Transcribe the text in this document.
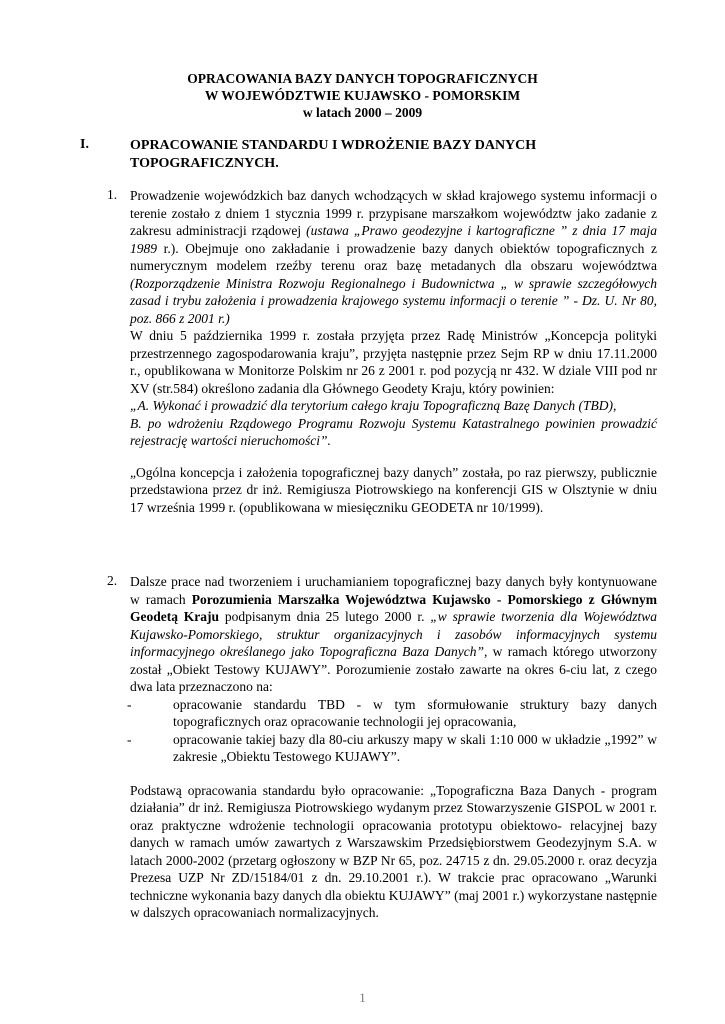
OPRACOWANIA BAZY DANYCH TOPOGRAFICZNYCH
W WOJEWÓDZTWIE KUJAWSKO - POMORSKIM
w latach 2000 – 2009
I.	OPRACOWANIE STANDARDU I WDROŻENIE BAZY DANYCH TOPOGRAFICZNYCH.
1. Prowadzenie wojewódzkich baz danych wchodzących w skład krajowego systemu informacji o terenie zostało z dniem 1 stycznia 1999 r. przypisane marszałkom województw jako zadanie z zakresu administracji rządowej (ustawa „Prawo geodezyjne i kartograficzne ” z dnia 17 maja 1989 r.). Obejmuje ono zakładanie i prowadzenie bazy danych obiektów topograficznych z numerycznym modelem rzeźby terenu oraz bazę metadanych dla obszaru województwa (Rozporządzenie Ministra Rozwoju Regionalnego i Budownictwa „ w sprawie szczegółowych zasad i trybu założenia i prowadzenia krajowego systemu informacji o terenie ” - Dz. U. Nr 80, poz. 866 z 2001 r.)

W dniu 5 października 1999 r. została przyjęta przez Radę Ministrów „Koncepcja polityki przestrzennego zagospodarowania kraju”, przyjęta następnie przez Sejm RP w dniu 17.11.2000 r., opublikowana w Monitorze Polskim nr 26 z 2001 r. pod pozycją nr 432. W dziale VIII pod nr XV (str.584) określono zadania dla Głównego Geodety Kraju, który powinien:

„A. Wykonać i prowadzić dla terytorium całego kraju Topograficzną Bazę Danych (TBD),

B. po wdrożeniu Rządowego Programu Rozwoju Systemu Katastralnego powinien prowadzić rejestrację wartości nieruchomości”.

„Ogólna koncepcja i założenia topograficznej bazy danych” została, po raz pierwszy, publicznie przedstawiona przez dr inż. Remigiusza Piotrowskiego na konferencji GIS w Olsztynie w dniu 17 września 1999 r. (opublikowana w miesięczniku GEODETA nr 10/1999).

2. Dalsze prace nad tworzeniem i uruchamianiem topograficznej bazy danych były kontynuowane w ramach Porozumienia Marszałka Województwa Kujawsko - Pomorskiego z Głównym Geodetą Kraju podpisanym dnia 25 lutego 2000 r. „w sprawie tworzenia dla Województwa Kujawsko-Pomorskiego, struktur organizacyjnych i zasobów informacyjnych systemu informacyjnego określanego jako Topograficzna Baza Danych”, w ramach którego utworzony został „Obiekt Testowy KUJAWY”. Porozumienie zostało zawarte na okres 6-ciu lat, z czego dwa lata przeznaczono na:

-	opracowanie standardu TBD - w tym sformułowanie struktury bazy danych topograficznych oraz opracowanie technologii jej opracowania,
-	opracowanie takiej bazy dla 80-ciu arkuszy mapy w skali 1:10 000 w układzie „1992” w zakresie „Obiektu Testowego KUJAWY”.

Podstawą opracowania standardu było opracowanie: „Topograficzna Baza Danych - program działania” dr inż. Remigiusza Piotrowskiego wydanym przez Stowarzyszenie GISPOL w 2001 r. oraz praktyczne wdrożenie technologii opracowania prototypu obiektowo- relacyjnej bazy danych w ramach umów zawartych z Warszawskim Przedsiębiorstwem Geodezyjnym S.A. w latach 2000-2002 (przetarg ogłoszony w BZP Nr 65, poz. 24715 z dn. 29.05.2000 r. oraz decyzja Prezesa UZP Nr ZD/15184/01 z dn. 29.10.2001 r.). W trakcie prac opracowano „Warunki techniczne wykonania bazy danych dla obiektu KUJAWY” (maj 2001 r.) wykorzystane następnie w dalszych opracowaniach normalizacyjnych.

1
